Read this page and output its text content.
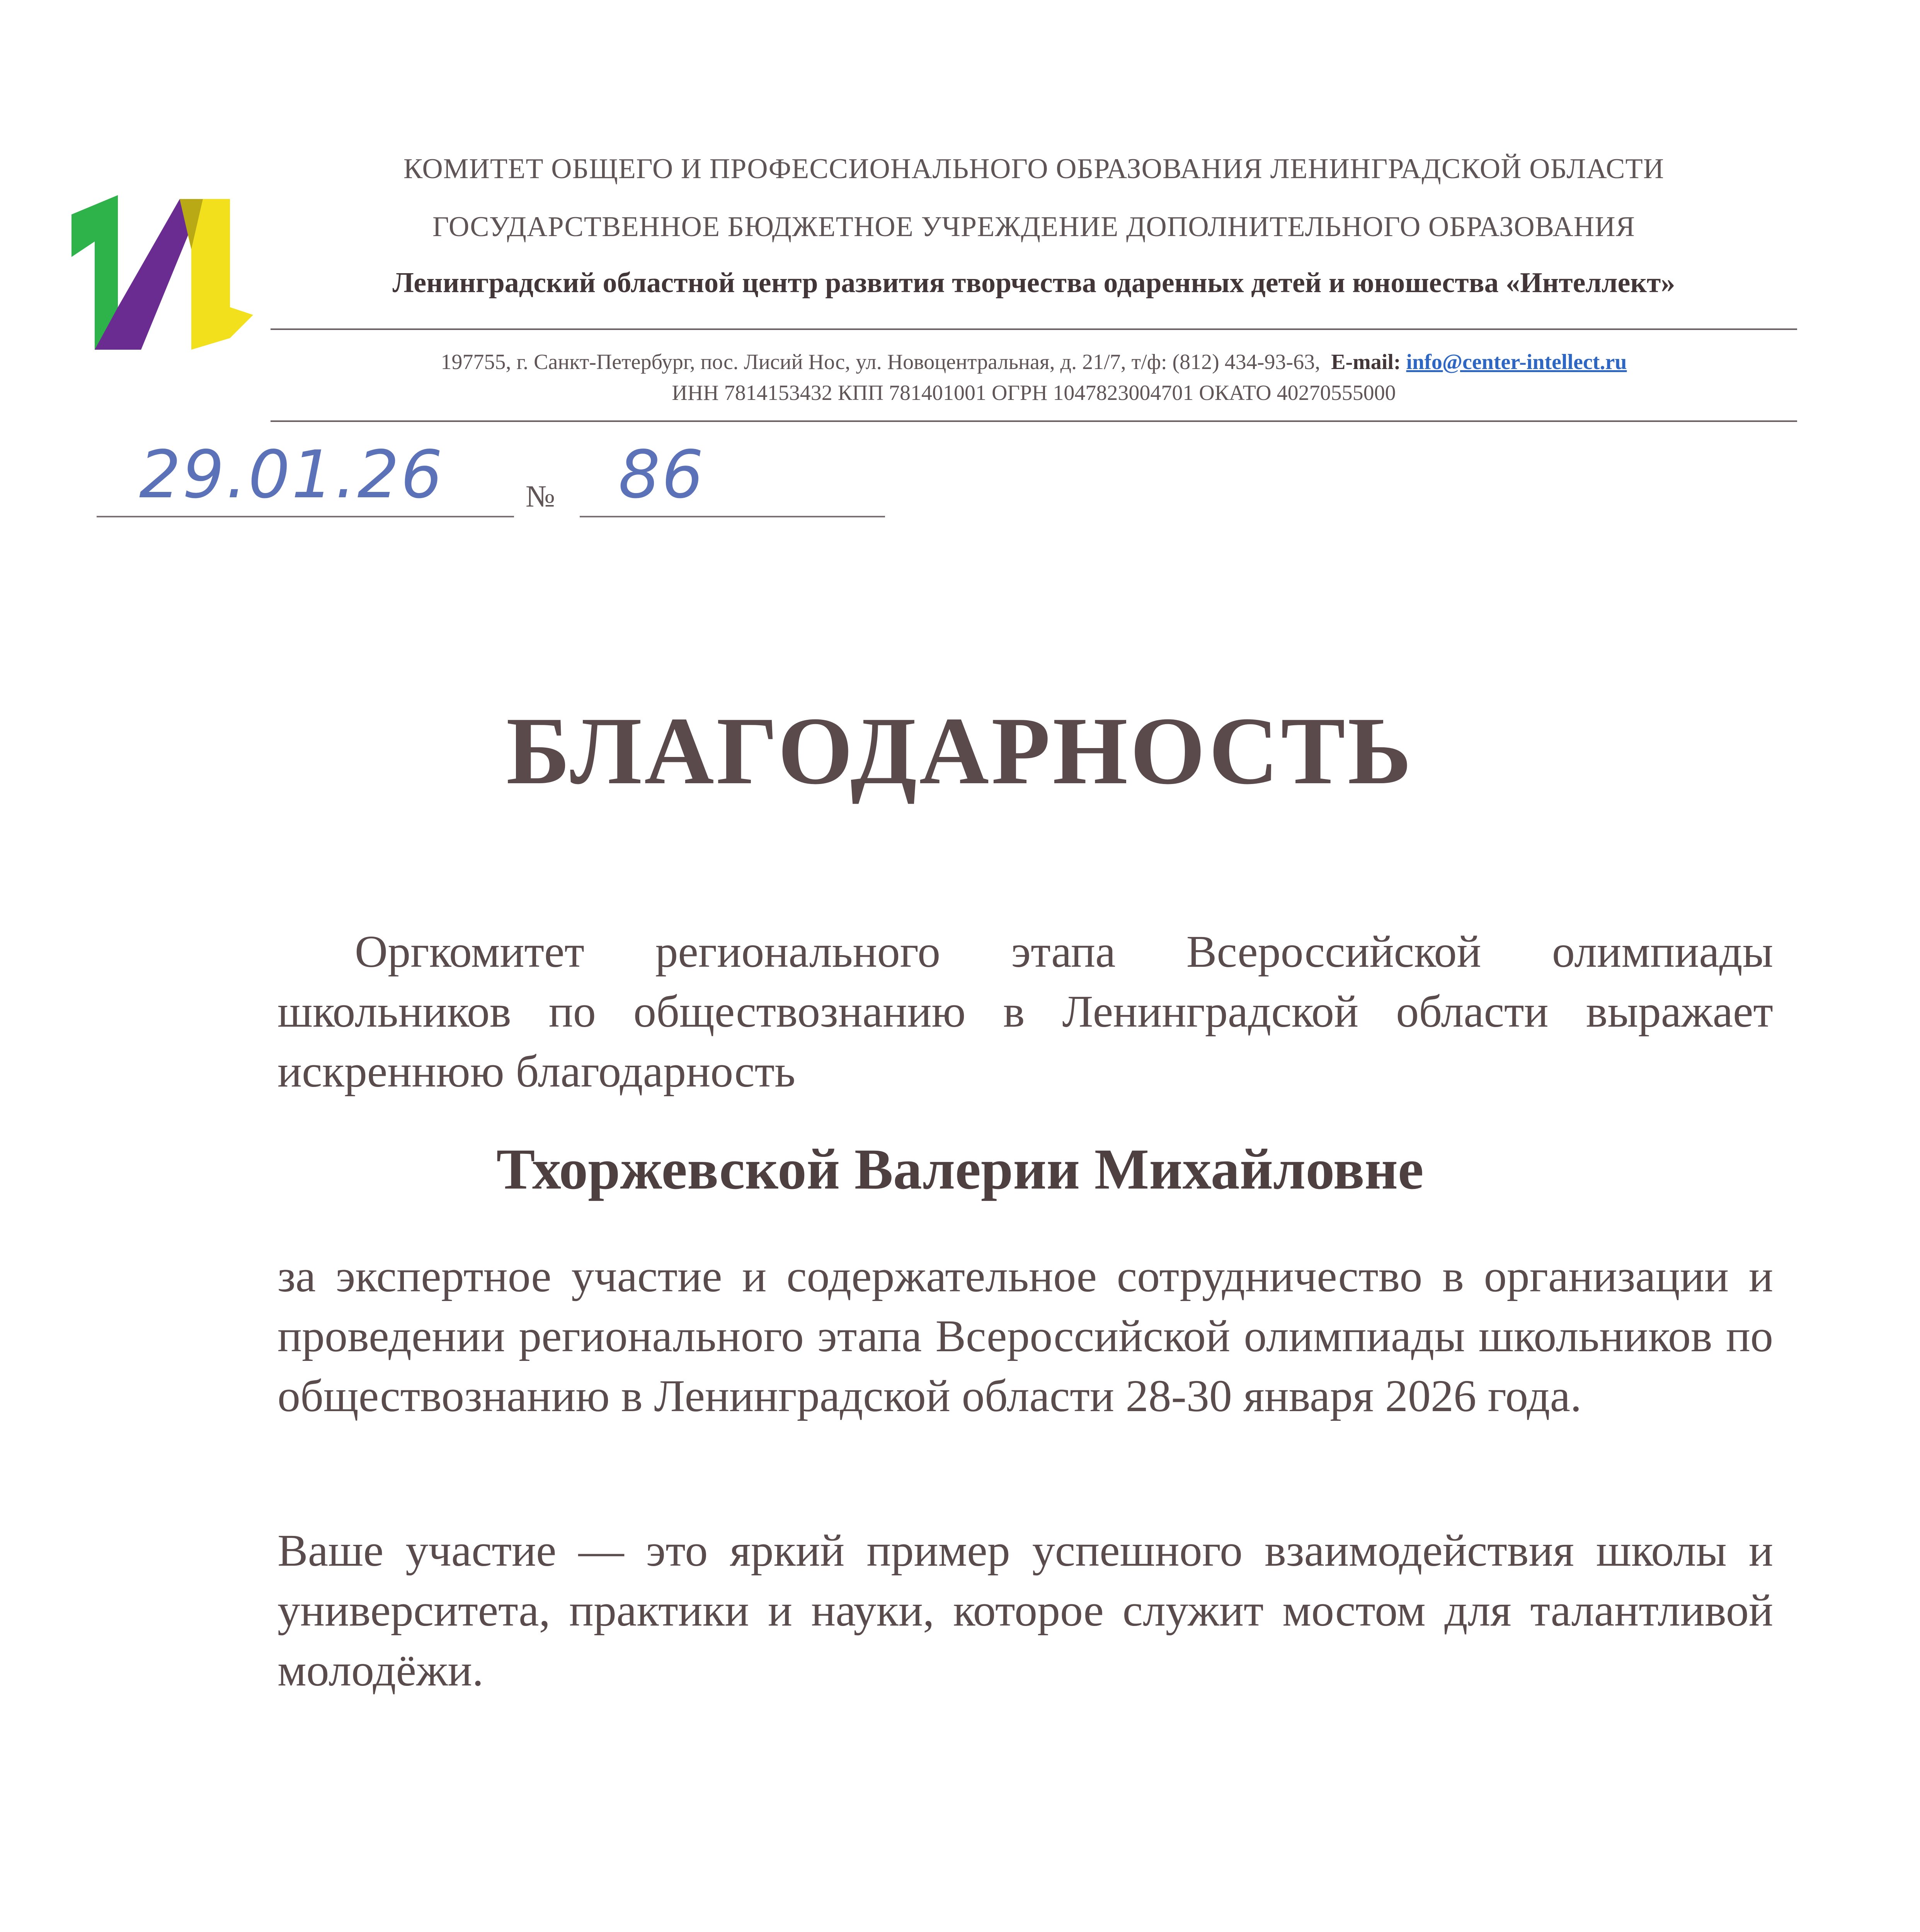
КОМИТЕТ ОБЩЕГО И ПРОФЕССИОНАЛЬНОГО ОБРАЗОВАНИЯ ЛЕНИНГРАДСКОЙ ОБЛАСТИ
ГОСУДАРСТВЕННОЕ БЮДЖЕТНОЕ УЧРЕЖДЕНИЕ ДОПОЛНИТЕЛЬНОГО ОБРАЗОВАНИЯ
Ленинградский областной центр развития творчества одаренных детей и юношества «Интеллект»
197755, г. Санкт-Петербург, пос. Лисий Нос, ул. Новоцентральная, д. 21/7, т/ф: (812) 434-93-63, E-mail: info@center-intellect.ru
ИНН 7814153432 КПП 781401001 ОГРН 1047823004701 ОКАТО 40270555000
29.01.26	№ 86
БЛАГОДАРНОСТЬ
Оргкомитет регионального этапа Всероссийской олимпиады школьников по обществознанию в Ленинградской области выражает искреннюю благодарность
Тхоржевской Валерии Михайловне
за экспертное участие и содержательное сотрудничество в организации и проведении регионального этапа Всероссийской олимпиады школьников по обществознанию в Ленинградской области 28-30 января 2026 года.
Ваше участие — это яркий пример успешного взаимодействия школы и университета, практики и науки, которое служит мостом для талантливой молодёжи.
